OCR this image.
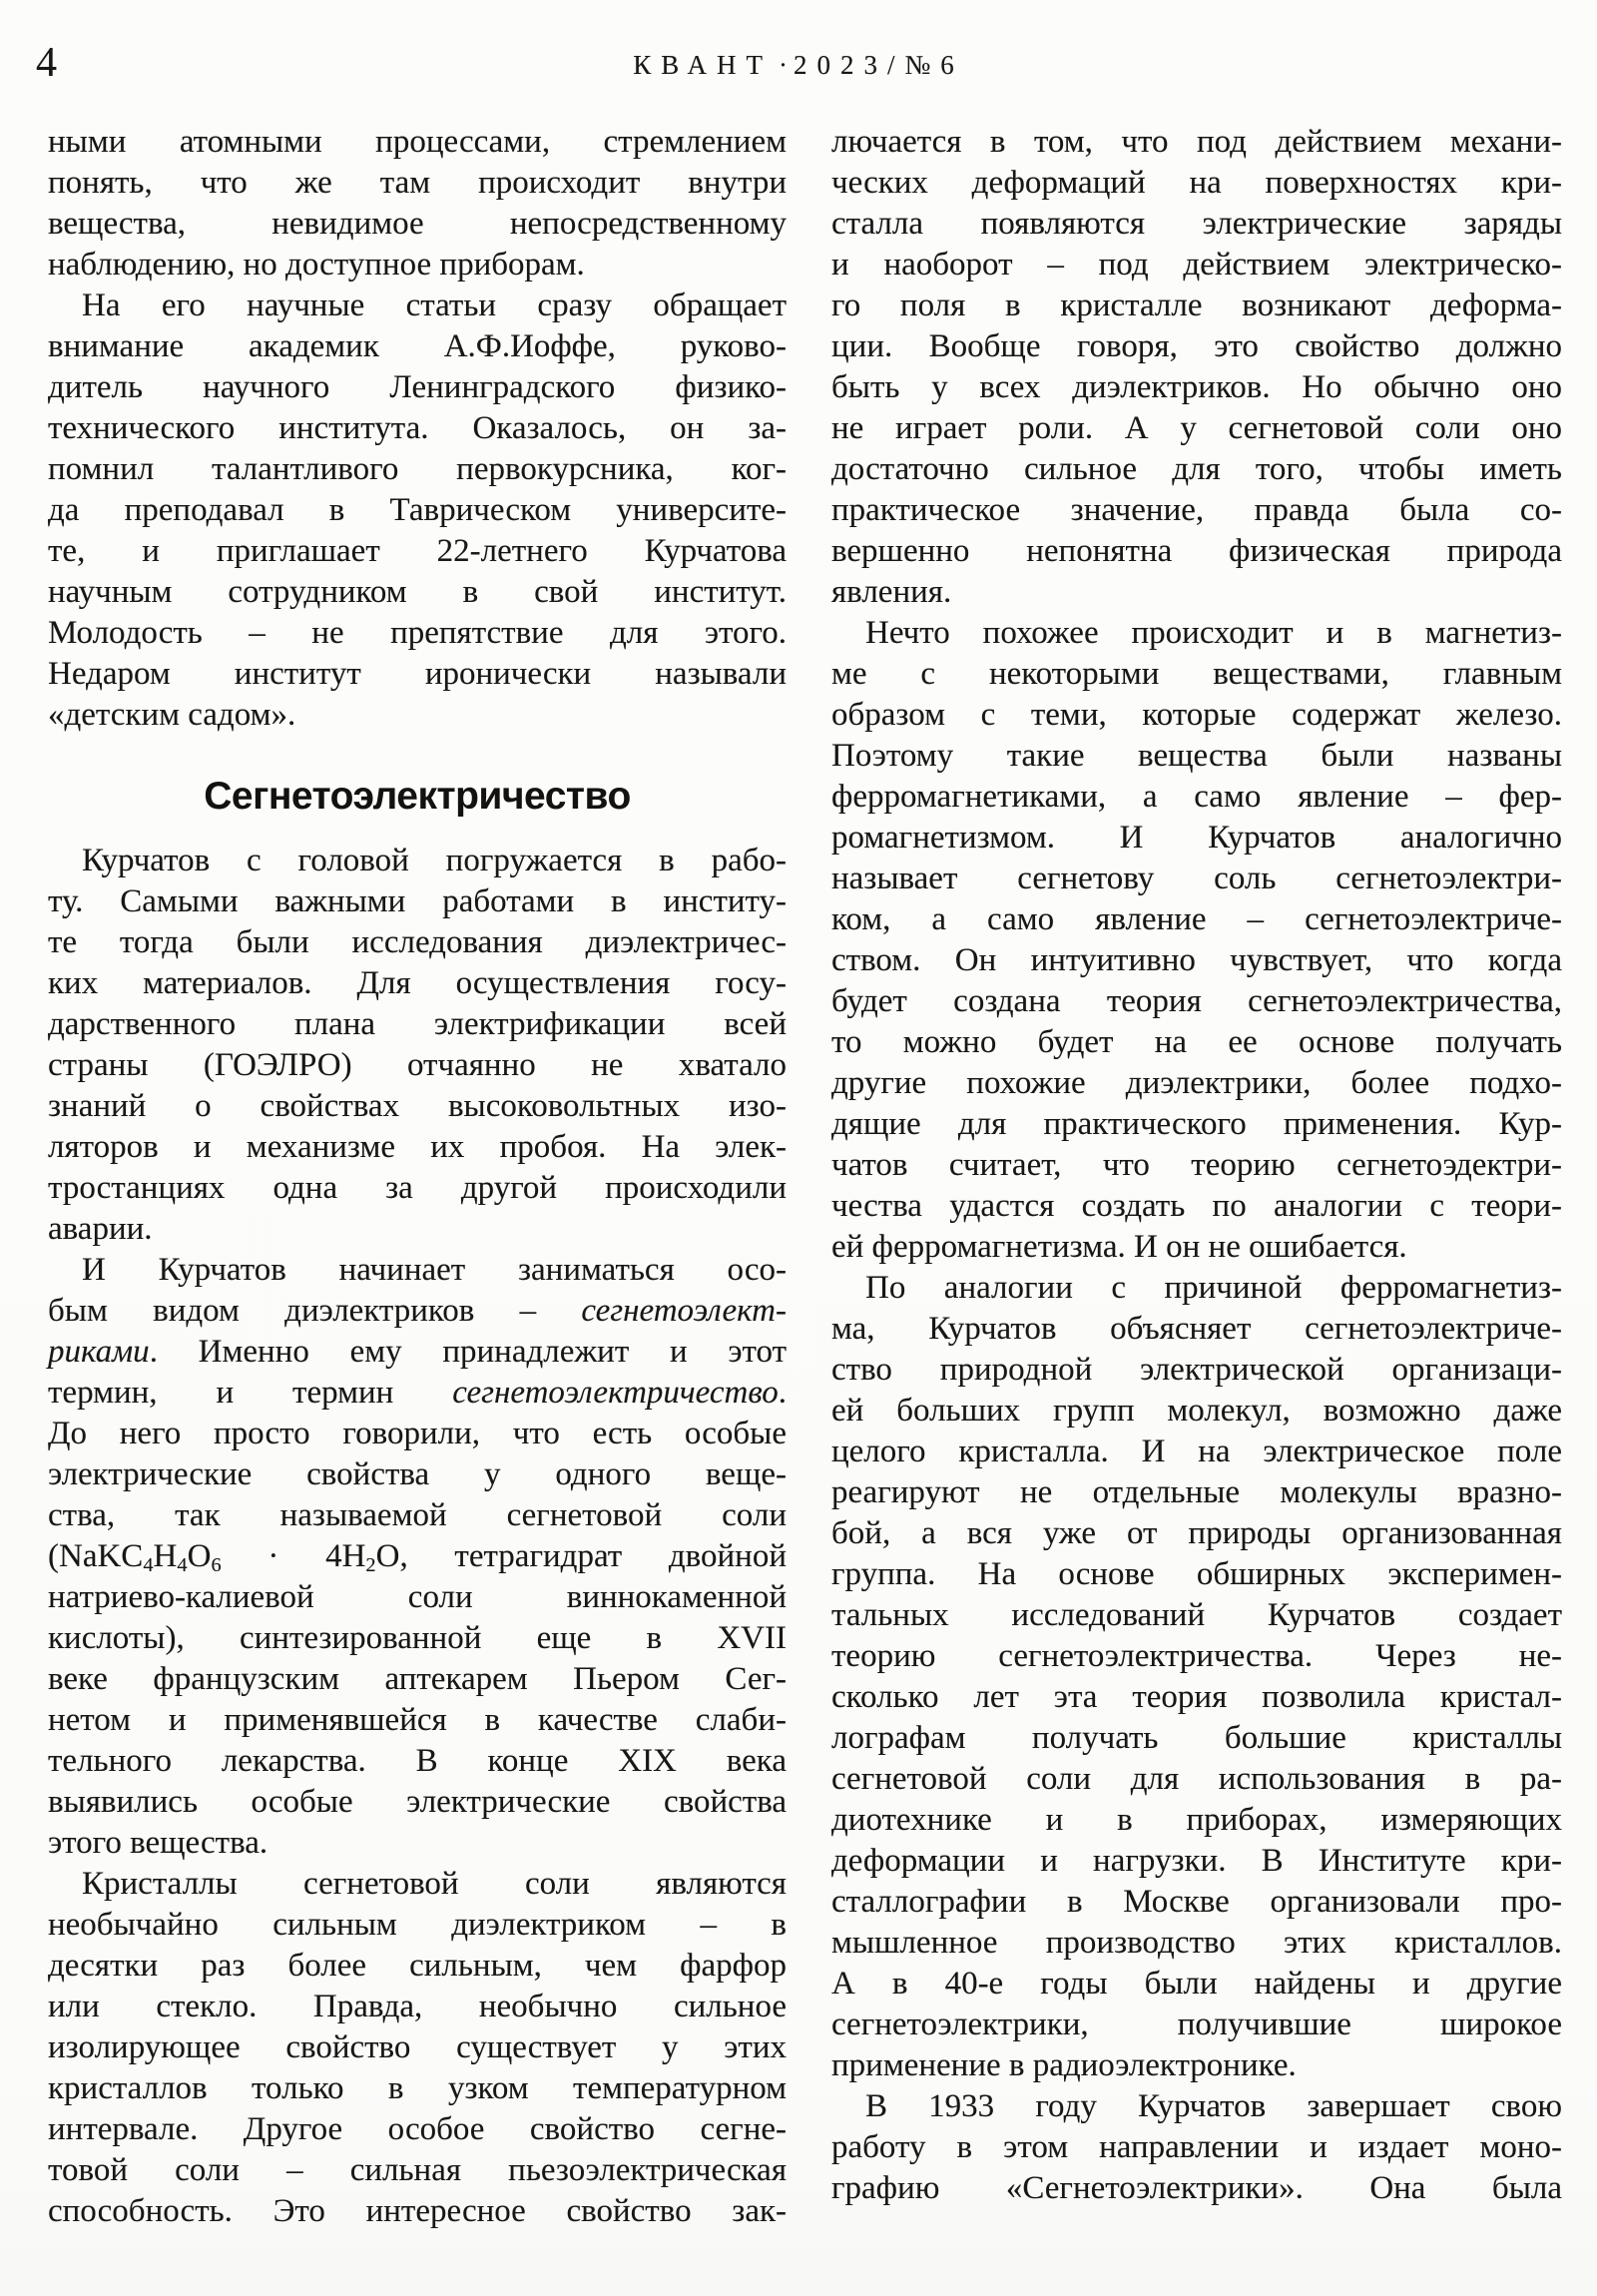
4	КВАНТ · 2023/№6
ными атомными процессами, стремлением
понять, что же там происходит внутри
вещества, невидимое непосредственному
наблюдению, но доступное приборам.
На его научные статьи сразу обращает
внимание академик А.Ф.Иоффе, руково-
дитель научного Ленинградского физико-
технического института. Оказалось, он за-
помнил талантливого первокурсника, ког-
да преподавал в Таврическом университе-
те, и приглашает 22-летнего Курчатова
научным сотрудником в свой институт.
Молодость – не препятствие для этого.
Недаром институт иронически называли
«детским садом».
Сегнетоэлектричество
Курчатов с головой погружается в рабо-
ту. Самыми важными работами в институ-
те тогда были исследования диэлектричес-
ких материалов. Для осуществления госу-
дарственного плана электрификации всей
страны (ГОЭЛРО) отчаянно не хватало
знаний о свойствах высоковольтных изо-
ляторов и механизме их пробоя. На элек-
тростанциях одна за другой происходили
аварии.
И Курчатов начинает заниматься осо-
бым видом диэлектриков – сегнетоэлект-
риками. Именно ему принадлежит и этот
термин, и термин сегнетоэлектричество.
До него просто говорили, что есть особые
электрические свойства у одного веще-
ства, так называемой сегнетовой соли
($NaKC_4H_4O_6 \cdot 4H_2O$, тетрагидрат двойной
натриево-калиевой соли виннокаменной
кислоты), синтезированной еще в XVII
веке французским аптекарем Пьером Сег-
нетом и применявшейся в качестве слаби-
тельного лекарства. В конце XIX века
выявились особые электрические свойства
этого вещества.
Кристаллы сегнетовой соли являются
необычайно сильным диэлектриком – в
десятки раз более сильным, чем фарфор
или стекло. Правда, необычно сильное
изолирующее свойство существует у этих
кристаллов только в узком температурном
интервале. Другое особое свойство сегне-
товой соли – сильная пьезоэлектрическая
способность. Это интересное свойство зак-
лючается в том, что под действием механи-
ческих деформаций на поверхностях кри-
сталла появляются электрические заряды
и наоборот – под действием электрическо-
го поля в кристалле возникают деформа-
ции. Вообще говоря, это свойство должно
быть у всех диэлектриков. Но обычно оно
не играет роли. А у сегнетовой соли оно
достаточно сильное для того, чтобы иметь
практическое значение, правда была со-
вершенно непонятна физическая природа
явления.
Нечто похожее происходит и в магнетиз-
ме с некоторыми веществами, главным
образом с теми, которые содержат железо.
Поэтому такие вещества были названы
ферромагнетиками, а само явление – фер-
ромагнетизмом. И Курчатов аналогично
называет сегнетову соль сегнетоэлектри-
ком, а само явление – сегнетоэлектриче-
ством. Он интуитивно чувствует, что когда
будет создана теория сегнетоэлектричества,
то можно будет на ее основе получать
другие похожие диэлектрики, более подхо-
дящие для практического применения. Кур-
чатов считает, что теорию сегнетоэдектри-
чества удастся создать по аналогии с теори-
ей ферромагнетизма. И он не ошибается.
По аналогии с причиной ферромагнетиз-
ма, Курчатов объясняет сегнетоэлектриче-
ство природной электрической организаци-
ей больших групп молекул, возможно даже
целого кристалла. И на электрическое поле
реагируют не отдельные молекулы вразно-
бой, а вся уже от природы организованная
группа. На основе обширных эксперимен-
тальных исследований Курчатов создает
теорию сегнетоэлектричества. Через не-
сколько лет эта теория позволила кристал-
лографам получать большие кристаллы
сегнетовой соли для использования в ра-
диотехнике и в приборах, измеряющих
деформации и нагрузки. В Институте кри-
сталлографии в Москве организовали про-
мышленное производство этих кристаллов.
А в 40-е годы были найдены и другие
сегнетоэлектрики, получившие широкое
применение в радиоэлектронике.
В 1933 году Курчатов завершает свою
работу в этом направлении и издает моно-
графию «Сегнетоэлектрики». Она была
